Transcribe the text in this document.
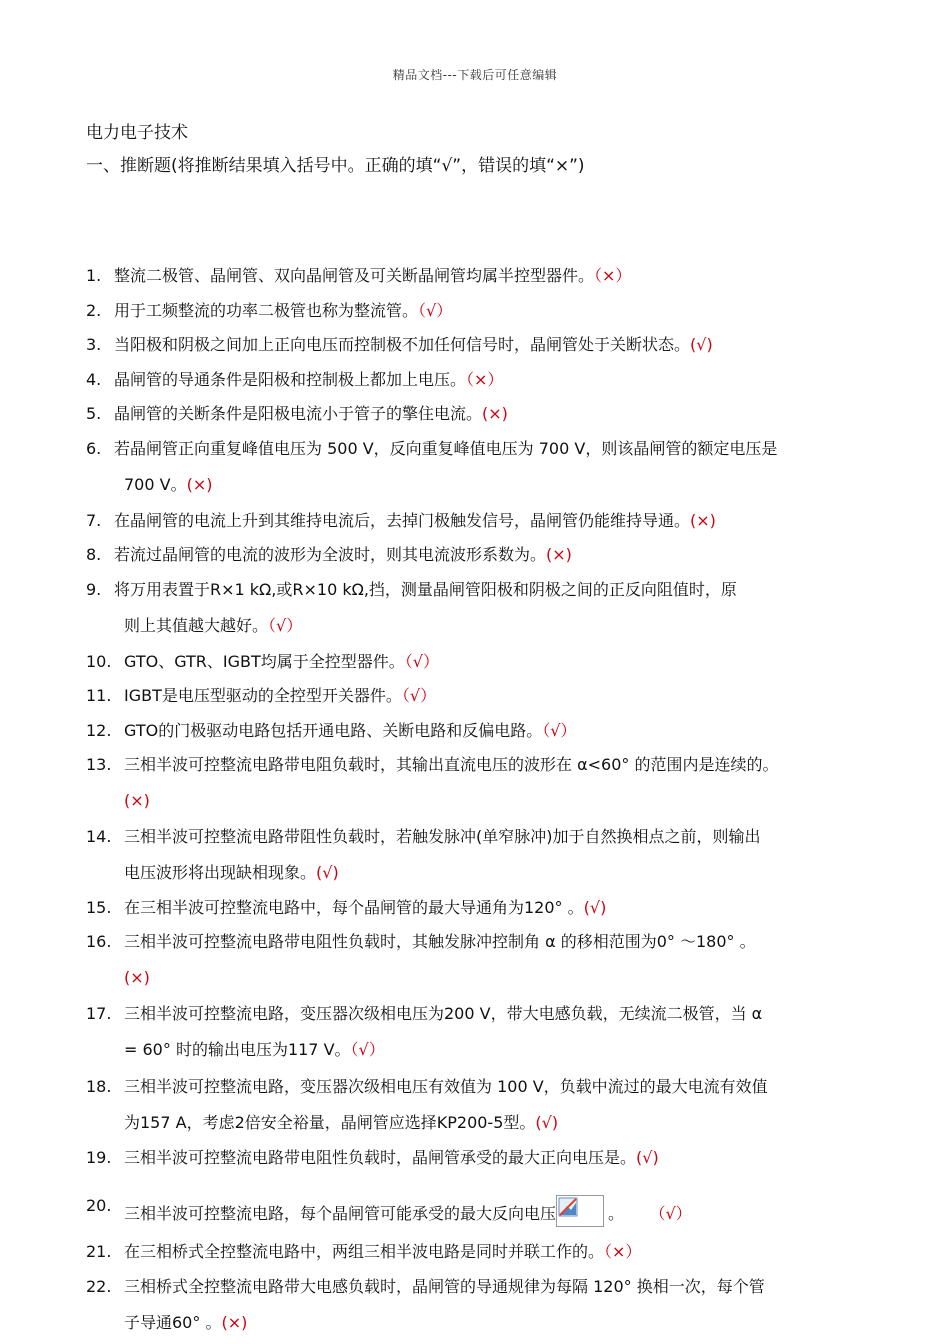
精品文档---下载后可任意编辑
电力电子技术
一、推断题(将推断结果填入括号中。正确的填“√”，错误的填“×”)
1. 整流二极管、晶闸管、双向晶闸管及可关断晶闸管均属半控型器件。（×）
2. 用于工频整流的功率二极管也称为整流管。（√）
3. 当阳极和阴极之间加上正向电压而控制极不加任何信号时，晶闸管处于关断状态。(√)
4. 晶闸管的导通条件是阳极和控制极上都加上电压。（×）
5. 晶闸管的关断条件是阳极电流小于管子的擎住电流。(×)
6. 若晶闸管正向重复峰值电压为 500 V，反向重复峰值电压为 700 V，则该晶闸管的额定电压是
700 V。(×)
7. 在晶闸管的电流上升到其维持电流后，去掉门极触发信号，晶闸管仍能维持导通。(×)
8. 若流过晶闸管的电流的波形为全波时，则其电流波形系数为。(×)
9. 将万用表置于R×1 kΩ,或R×10 kΩ,挡，测量晶闸管阳极和阴极之间的正反向阻值时，原
则上其值越大越好。（√）
10. GTO、GTR、IGBT均属于全控型器件。（√）
11. IGBT是电压型驱动的全控型开关器件。（√）
12. GTO的门极驱动电路包括开通电路、关断电路和反偏电路。（√）
13. 三相半波可控整流电路带电阻负载时，其输出直流电压的波形在 α<60° 的范围内是连续的。
(×)
14. 三相半波可控整流电路带阻性负载时，若触发脉冲(单窄脉冲)加于自然换相点之前，则输出
电压波形将出现缺相现象。(√)
15. 在三相半波可控整流电路中，每个晶闸管的最大导通角为120° 。(√)
16. 三相半波可控整流电路带电阻性负载时，其触发脉冲控制角 α 的移相范围为0° ～180° 。
(×)
17. 三相半波可控整流电路，变压器次级相电压为200 V，带大电感负载，无续流二极管，当 α
= 60° 时的输出电压为117 V。（√）
18. 三相半波可控整流电路，变压器次级相电压有效值为 100 V，负载中流过的最大电流有效值
为157 A，考虑2倍安全裕量，晶闸管应选择KP200-5型。(√)
19. 三相半波可控整流电路带电阻性负载时，晶闸管承受的最大正向电压是。(√)
20. 三相半波可控整流电路，每个晶闸管可能承受的最大反向电压	。     （√）
21. 在三相桥式全控整流电路中，两组三相半波电路是同时并联工作的。（×）
22. 三相桥式全控整流电路带大电感负载时，晶闸管的导通规律为每隔 120° 换相一次，每个管
子导通60° 。(×)
